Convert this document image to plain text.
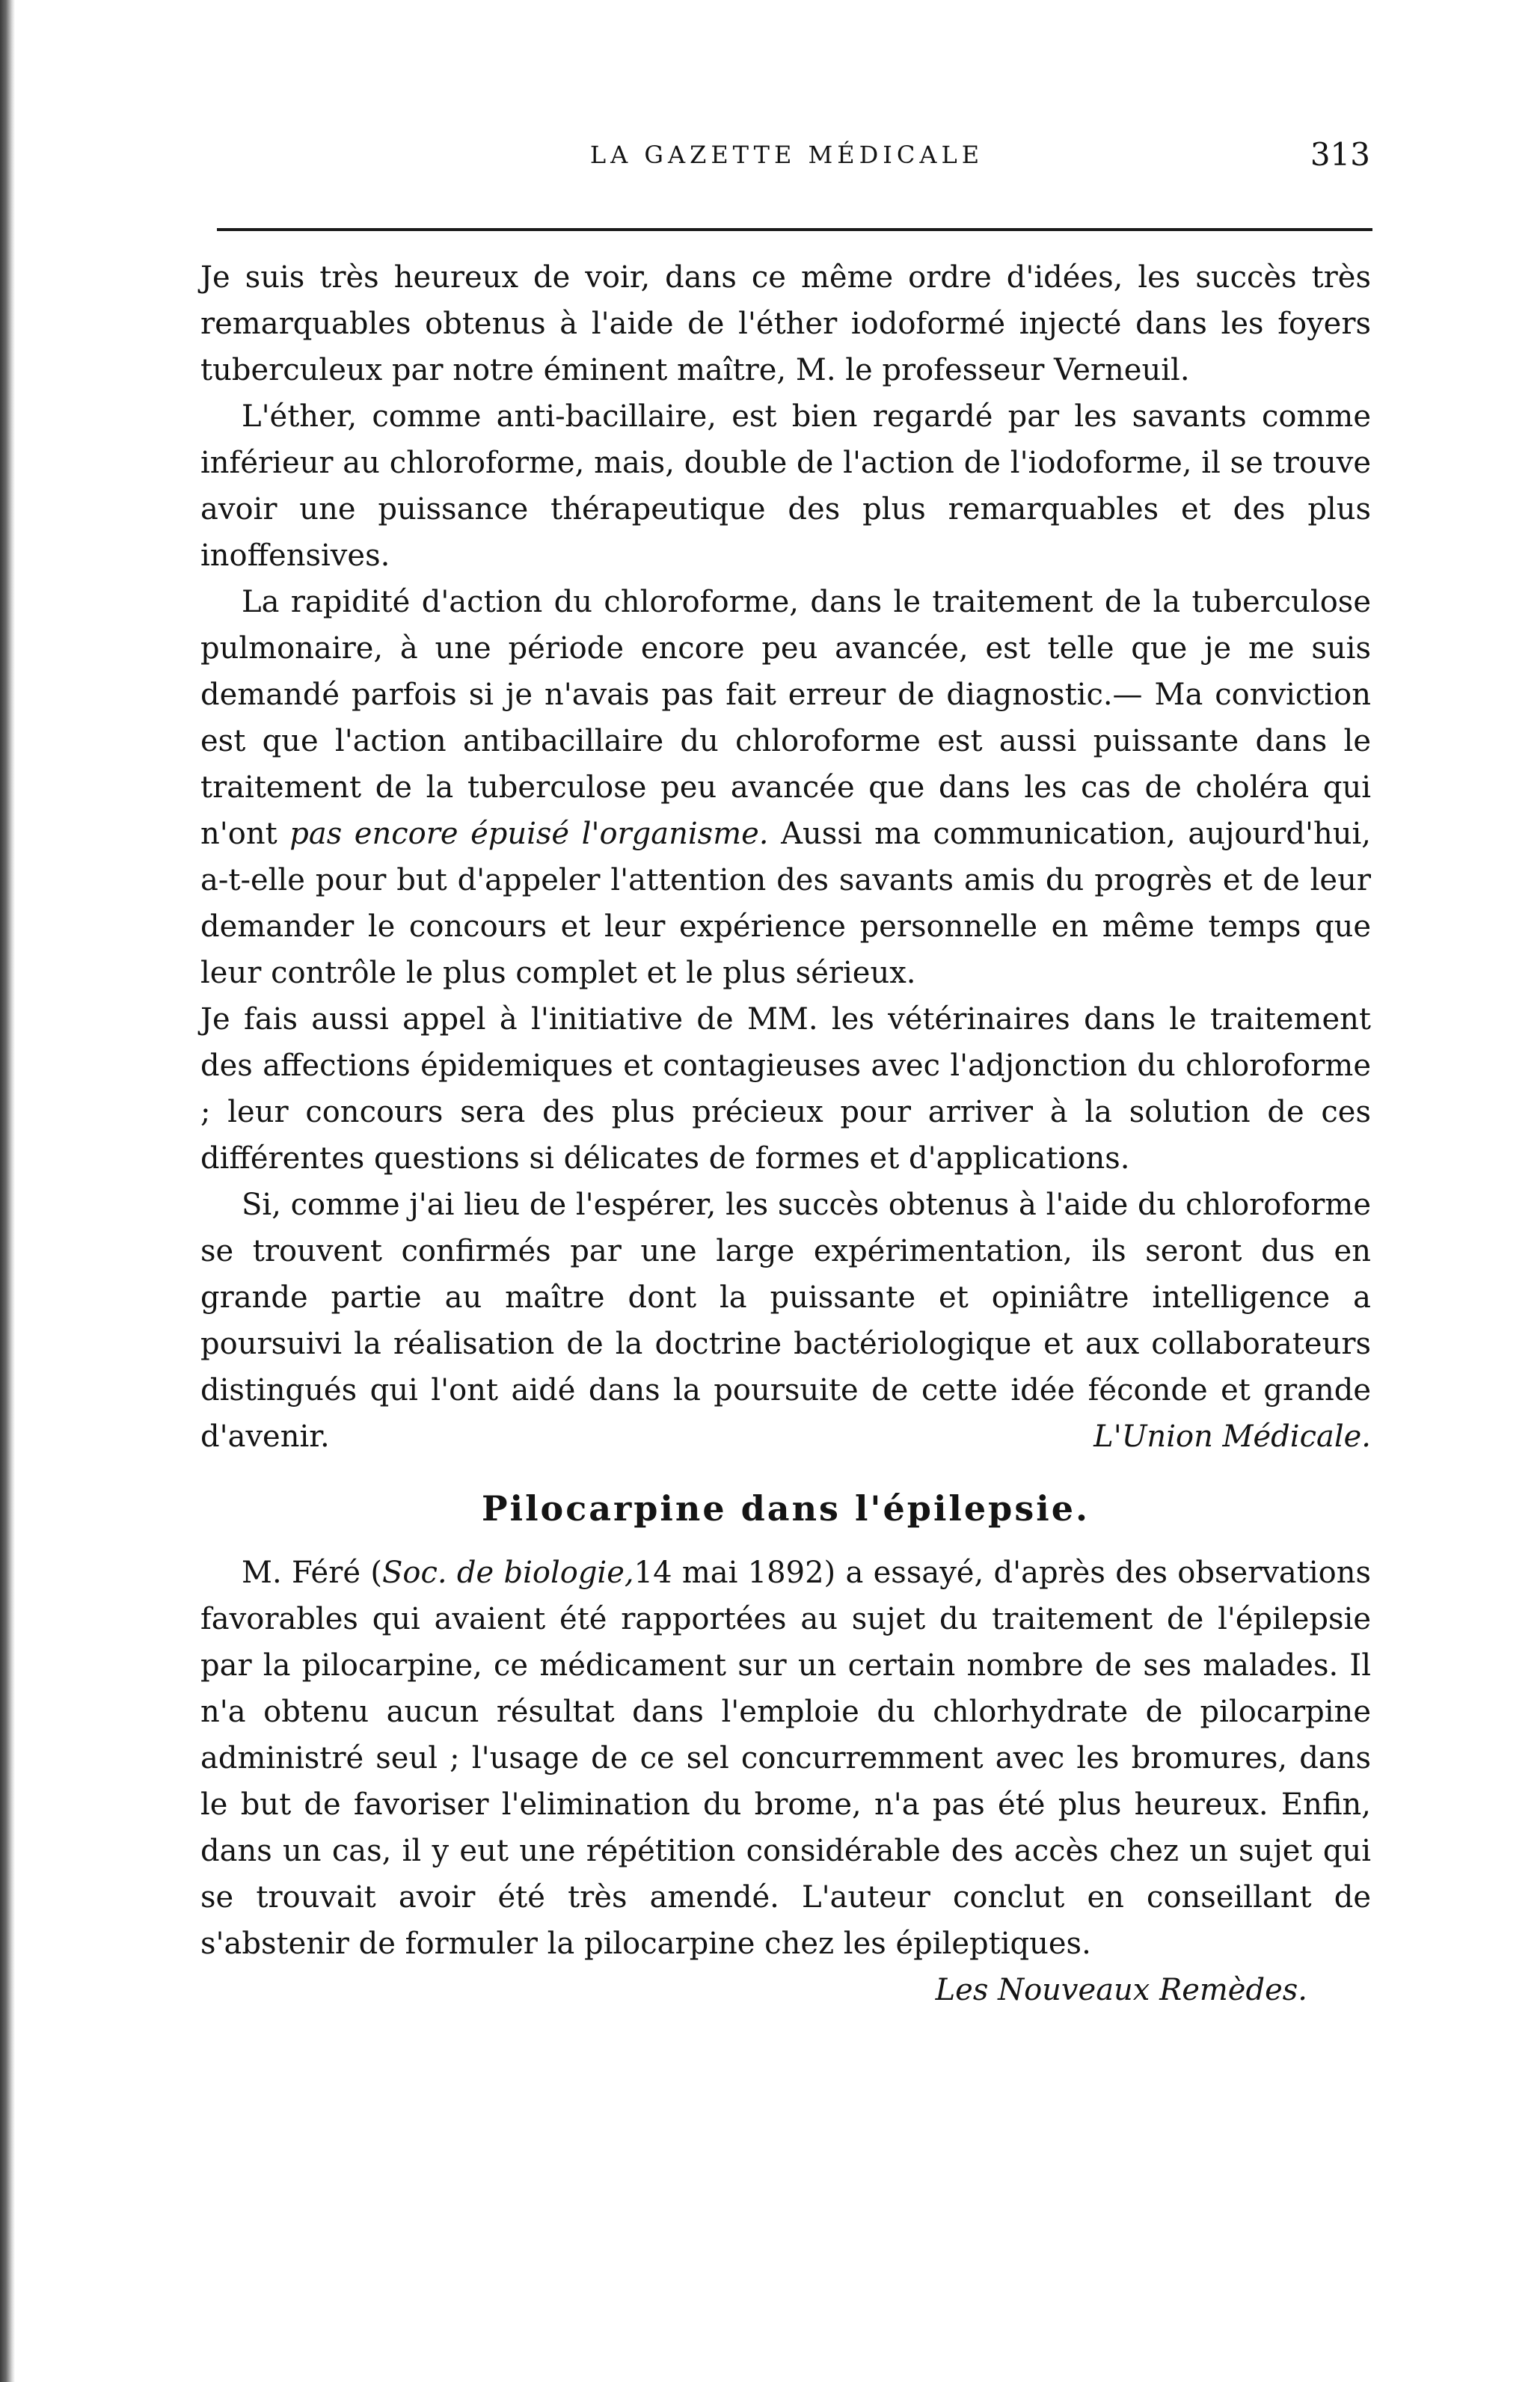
LA GAZETTE MÉDICALE	313

Je suis très heureux de voir, dans ce même ordre d'idées, les succès très remarquables obtenus à l'aide de l'éther iodoformé injecté dans les foyers tuberculeux par notre éminent maître, M. le professeur Verneuil.

L'éther, comme anti-bacillaire, est bien regardé par les savants comme inférieur au chloroforme, mais, double de l'action de l'iodoforme, il se trouve avoir une puissance thérapeutique des plus remarquables et des plus inoffensives.

La rapidité d'action du chloroforme, dans le traitement de la tuberculose pulmonaire, à une période encore peu avancée, est telle que je me suis demandé parfois si je n'avais pas fait erreur de diagnostic.— Ma conviction est que l'action antibacillaire du chloroforme est aussi puissante dans le traitement de la tuberculose peu avancée que dans les cas de choléra qui n'ont pas encore épuisé l'organisme. Aussi ma communication, aujourd'hui, a-t-elle pour but d'appeler l'attention des savants amis du progrès et de leur demander le concours et leur expérience personnelle en même temps que leur contrôle le plus complet et le plus sérieux.

Je fais aussi appel à l'initiative de MM. les vétérinaires dans le traitement des affections épidemiques et contagieuses avec l'adjonction du chloroforme ; leur concours sera des plus précieux pour arriver à la solution de ces différentes questions si délicates de formes et d'applications.

Si, comme j'ai lieu de l'espérer, les succès obtenus à l'aide du chloroforme se trouvent confirmés par une large expérimentation, ils seront dus en grande partie au maître dont la puissante et opiniâtre intelligence a poursuivi la réalisation de la doctrine bactériologique et aux collaborateurs distingués qui l'ont aidé dans la poursuite de cette idée féconde et grande d'avenir.	L'Union Médicale.

Pilocarpine dans l'épilepsie.

M. Féré (Soc. de biologie,14 mai 1892) a essayé, d'après des observations favorables qui avaient été rapportées au sujet du traitement de l'épilepsie par la pilocarpine, ce médicament sur un certain nombre de ses malades. Il n'a obtenu aucun résultat dans l'emploie du chlorhydrate de pilocarpine administré seul ; l'usage de ce sel concurremment avec les bromures, dans le but de favoriser l'elimination du brome, n'a pas été plus heureux. Enfin, dans un cas, il y eut une répétition considérable des accès chez un sujet qui se trouvait avoir été très amendé. L'auteur conclut en conseillant de s'abstenir de formuler la pilocarpine chez les épileptiques.

Les Nouveaux Remèdes.
